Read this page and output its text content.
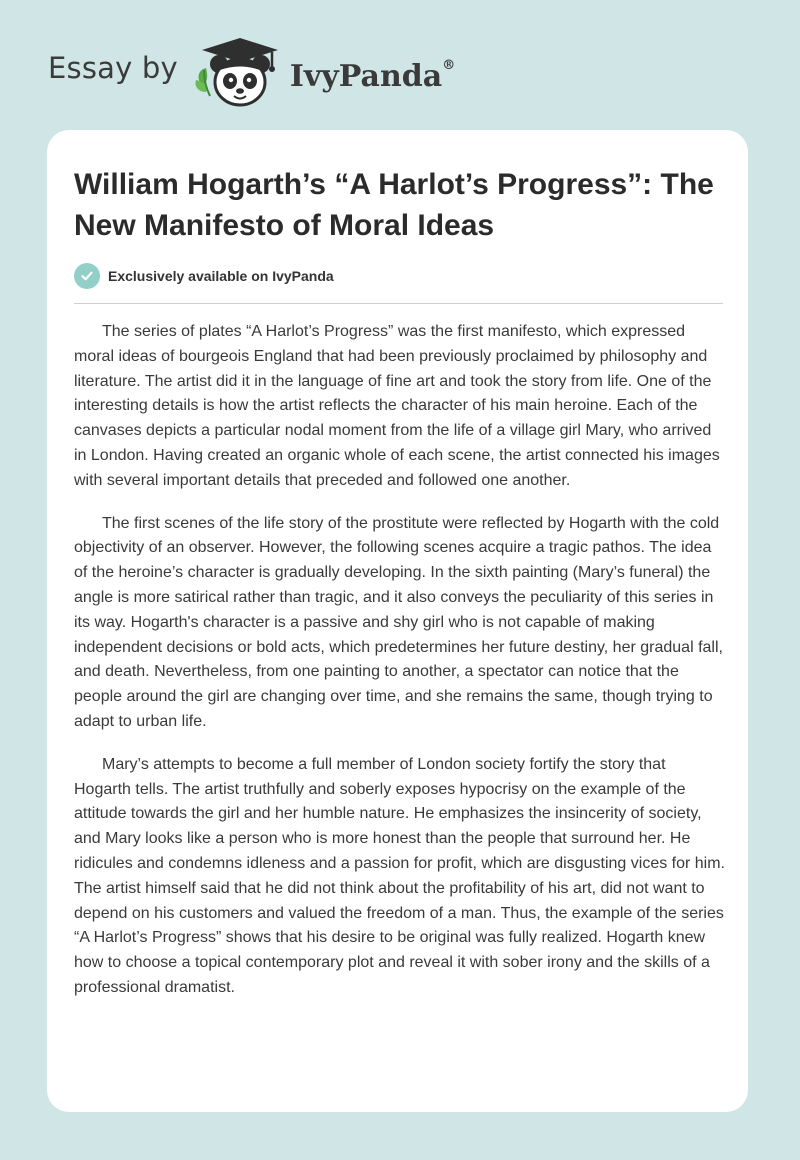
Essay by	IvyPanda®
William Hogarth’s “A Harlot’s Progress”: The New Manifesto of Moral Ideas
Exclusively available on IvyPanda

The series of plates “A Harlot’s Progress” was the first manifesto, which expressed moral ideas of bourgeois England that had been previously proclaimed by philosophy and literature. The artist did it in the language of fine art and took the story from life. One of the interesting details is how the artist reflects the character of his main heroine. Each of the canvases depicts a particular nodal moment from the life of a village girl Mary, who arrived in London. Having created an organic whole of each scene, the artist connected his images with several important details that preceded and followed one another.

The first scenes of the life story of the prostitute were reflected by Hogarth with the cold objectivity of an observer. However, the following scenes acquire a tragic pathos. The idea of the heroine’s character is gradually developing. In the sixth painting (Mary’s funeral) the angle is more satirical rather than tragic, and it also conveys the peculiarity of this series in its way. Hogarth's character is a passive and shy girl who is not capable of making independent decisions or bold acts, which predetermines her future destiny, her gradual fall, and death. Nevertheless, from one painting to another, a spectator can notice that the people around the girl are changing over time, and she remains the same, though trying to adapt to urban life.

Mary’s attempts to become a full member of London society fortify the story that Hogarth tells. The artist truthfully and soberly exposes hypocrisy on the example of the attitude towards the girl and her humble nature. He emphasizes the insincerity of society, and Mary looks like a person who is more honest than the people that surround her. He ridicules and condemns idleness and a passion for profit, which are disgusting vices for him. The artist himself said that he did not think about the profitability of his art, did not want to depend on his customers and valued the freedom of a man. Thus, the example of the series “A Harlot’s Progress” shows that his desire to be original was fully realized. Hogarth knew how to choose a topical contemporary plot and reveal it with sober irony and the skills of a professional dramatist.
